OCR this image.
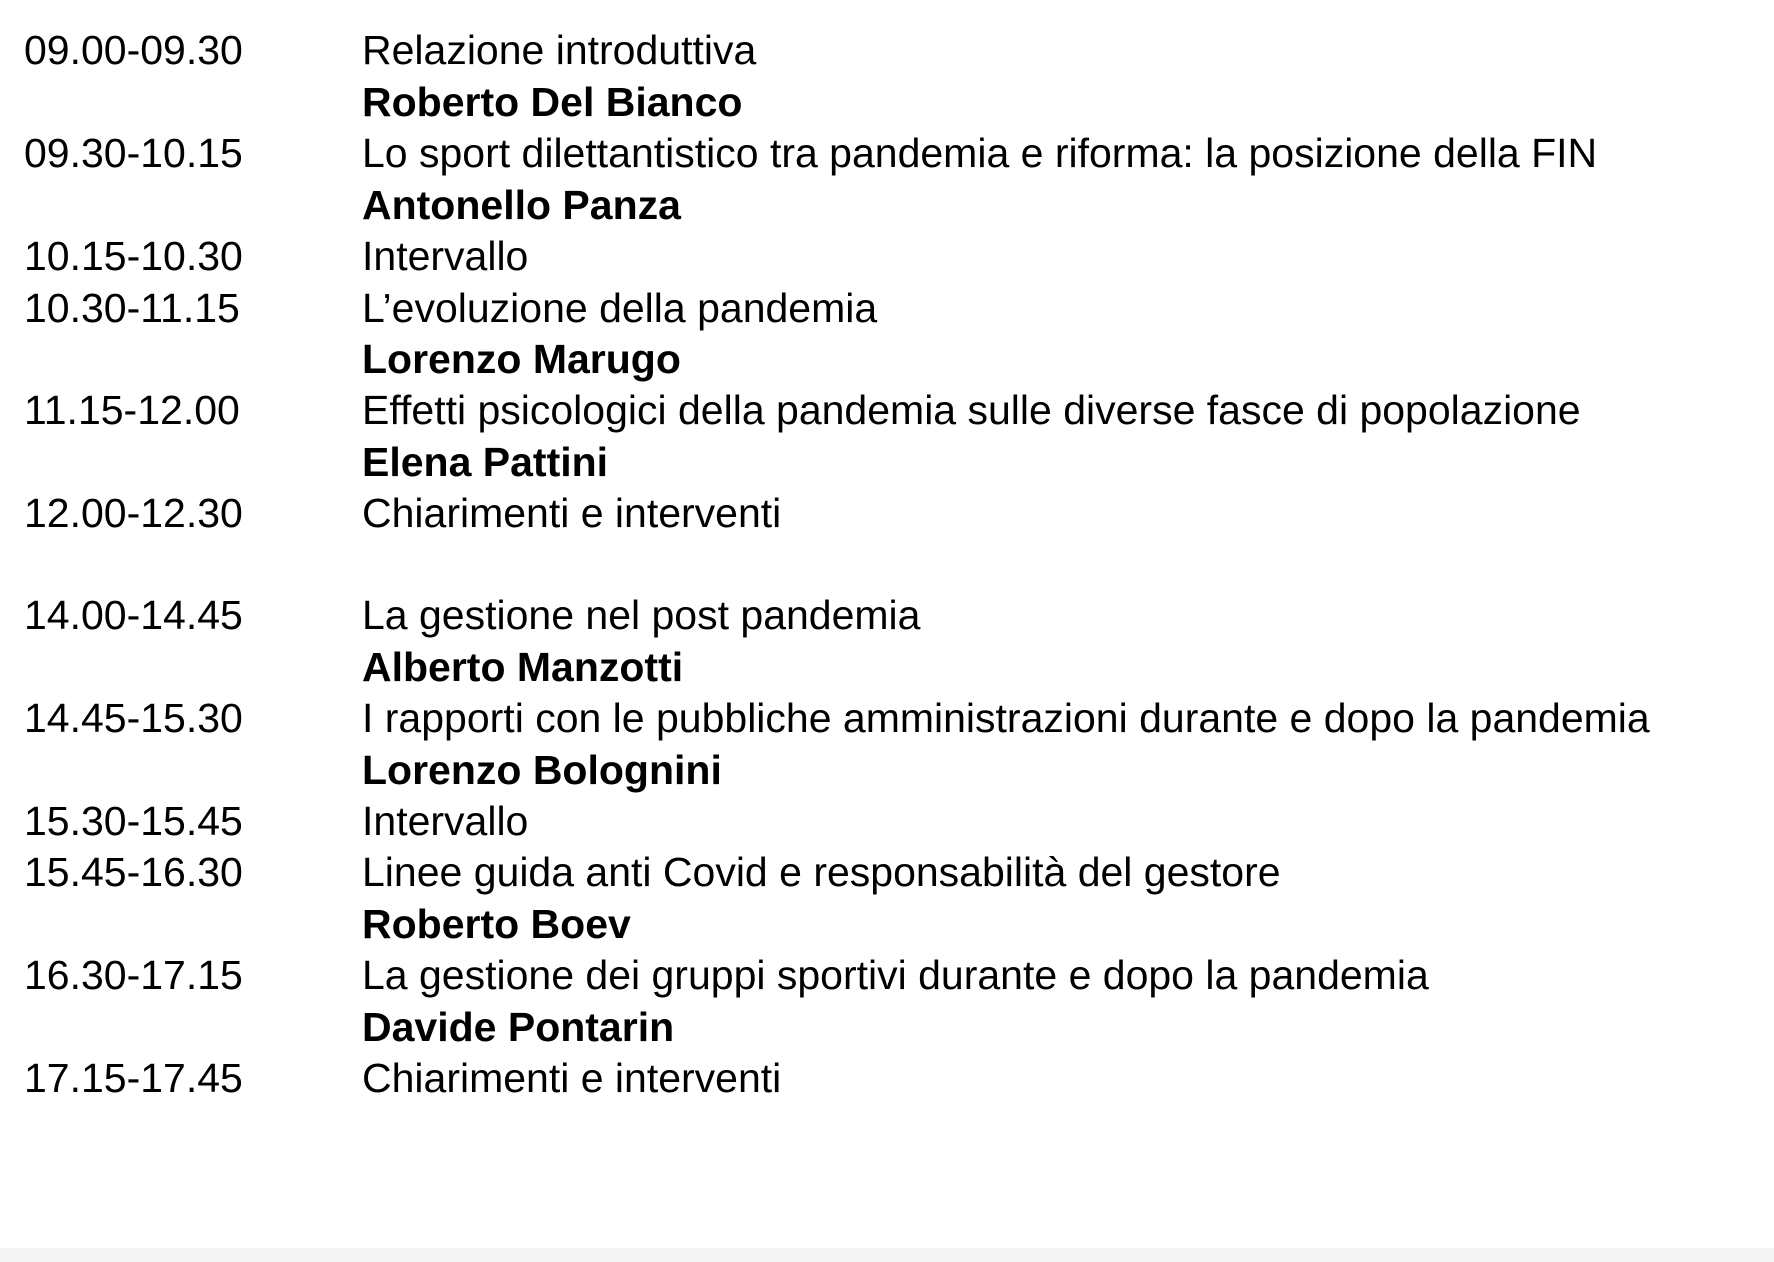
09.00-09.30	Relazione introduttiva
Roberto Del Bianco
09.30-10.15	Lo sport dilettantistico tra pandemia e riforma: la posizione della FIN
Antonello Panza
10.15-10.30	Intervallo
10.30-11.15	L’evoluzione della pandemia
Lorenzo Marugo
11.15-12.00	Effetti psicologici della pandemia sulle diverse fasce di popolazione
Elena Pattini
12.00-12.30	Chiarimenti e interventi
14.00-14.45	La gestione nel post pandemia
Alberto Manzotti
14.45-15.30	I rapporti con le pubbliche amministrazioni durante e dopo la pandemia
Lorenzo Bolognini
15.30-15.45	Intervallo
15.45-16.30	Linee guida anti Covid e responsabilità del gestore
Roberto Boev
16.30-17.15	La gestione dei gruppi sportivi durante e dopo la pandemia
Davide Pontarin
17.15-17.45	Chiarimenti e interventi
